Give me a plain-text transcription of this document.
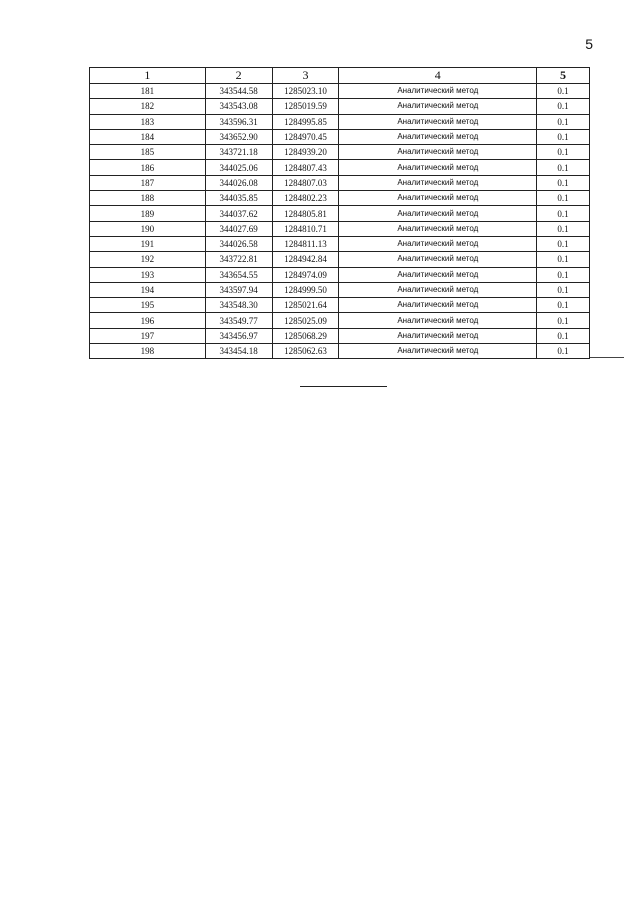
5
1	2	3	4	5
181	343544.58	1285023.10	Аналитический метод	0.1
182	343543.08	1285019.59	Аналитический метод	0.1
183	343596.31	1284995.85	Аналитический метод	0.1
184	343652.90	1284970.45	Аналитический метод	0.1
185	343721.18	1284939.20	Аналитический метод	0.1
186	344025.06	1284807.43	Аналитический метод	0.1
187	344026.08	1284807.03	Аналитический метод	0.1
188	344035.85	1284802.23	Аналитический метод	0.1
189	344037.62	1284805.81	Аналитический метод	0.1
190	344027.69	1284810.71	Аналитический метод	0.1
191	344026.58	1284811.13	Аналитический метод	0.1
192	343722.81	1284942.84	Аналитический метод	0.1
193	343654.55	1284974.09	Аналитический метод	0.1
194	343597.94	1284999.50	Аналитический метод	0.1
195	343548.30	1285021.64	Аналитический метод	0.1
196	343549.77	1285025.09	Аналитический метод	0.1
197	343456.97	1285068.29	Аналитический метод	0.1
198	343454.18	1285062.63	Аналитический метод	0.1
